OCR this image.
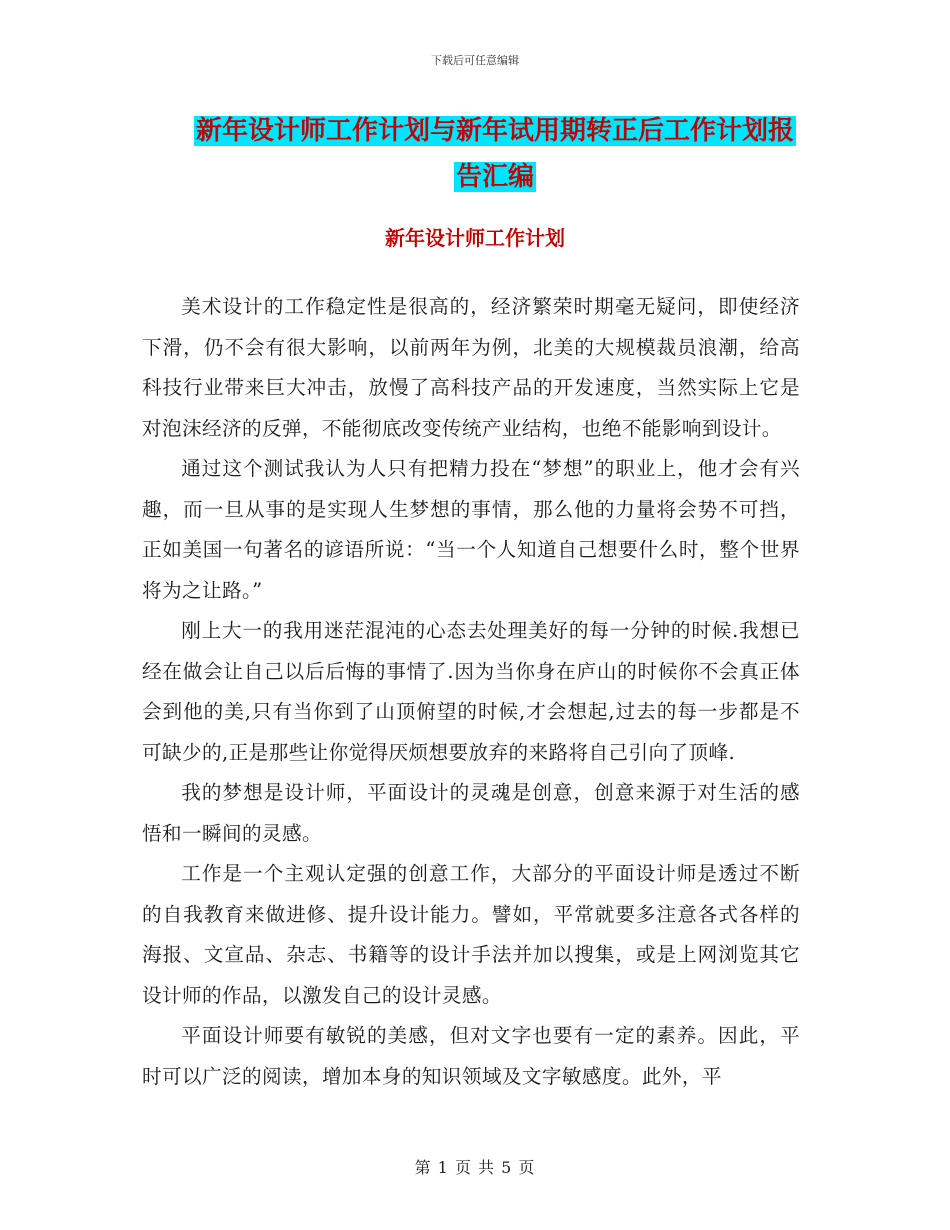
下载后可任意编辑
新年设计师工作计划与新年试用期转正后工作计划报
告汇编
新年设计师工作计划

美术设计的工作稳定性是很高的，经济繁荣时期毫无疑问，即使经济下滑，仍不会有很大影响，以前两年为例，北美的大规模裁员浪潮，给高科技行业带来巨大冲击，放慢了高科技产品的开发速度，当然实际上它是对泡沫经济的反弹，不能彻底改变传统产业结构，也绝不能影响到设计。

通过这个测试我认为人只有把精力投在“梦想”的职业上，他才会有兴趣，而一旦从事的是实现人生梦想的事情，那么他的力量将会势不可挡，正如美国一句著名的谚语所说：“当一个人知道自己想要什么时，整个世界将为之让路。”

刚上大一的我用迷茫混沌的心态去处理美好的每一分钟的时候.我想已经在做会让自己以后后悔的事情了.因为当你身在庐山的时候你不会真正体会到他的美,只有当你到了山顶俯望的时候,才会想起,过去的每一步都是不可缺少的,正是那些让你觉得厌烦想要放弃的来路将自己引向了顶峰.

我的梦想是设计师，平面设计的灵魂是创意，创意来源于对生活的感悟和一瞬间的灵感。

工作是一个主观认定强的创意工作，大部分的平面设计师是透过不断的自我教育来做进修、提升设计能力。譬如，平常就要多注意各式各样的海报、文宣品、杂志、书籍等的设计手法并加以搜集，或是上网浏览其它设计师的作品，以激发自己的设计灵感。

平面设计师要有敏锐的美感，但对文字也要有一定的素养。因此，平时可以广泛的阅读，增加本身的知识领域及文字敏感度。此外，平

第 1 页 共 5 页
